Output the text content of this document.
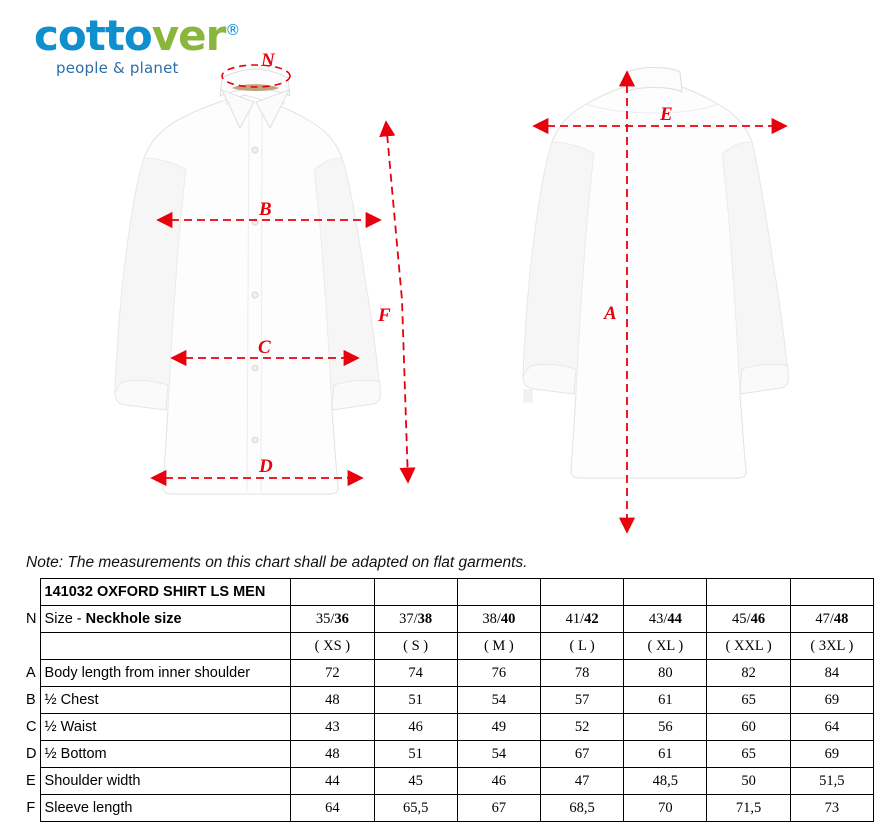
cottover®
people & planet	N
B
C
D
F
E
A
Note: The measurements on this chart shall be adapted on flat garments.
	141032 OXFORD SHIRT LS MEN							
N	Size - Neckhole size	35/36	37/38	38/40	41/42	43/44	45/46	47/48
		( XS )	( S )	( M )	( L )	( XL )	( XXL )	( 3XL )
A	Body length from inner shoulder	72	74	76	78	80	82	84
B	½ Chest	48	51	54	57	61	65	69
C	½ Waist	43	46	49	52	56	60	64
D	½ Bottom	48	51	54	67	61	65	69
E	Shoulder width	44	45	46	47	48,5	50	51,5
F	Sleeve length	64	65,5	67	68,5	70	71,5	73
